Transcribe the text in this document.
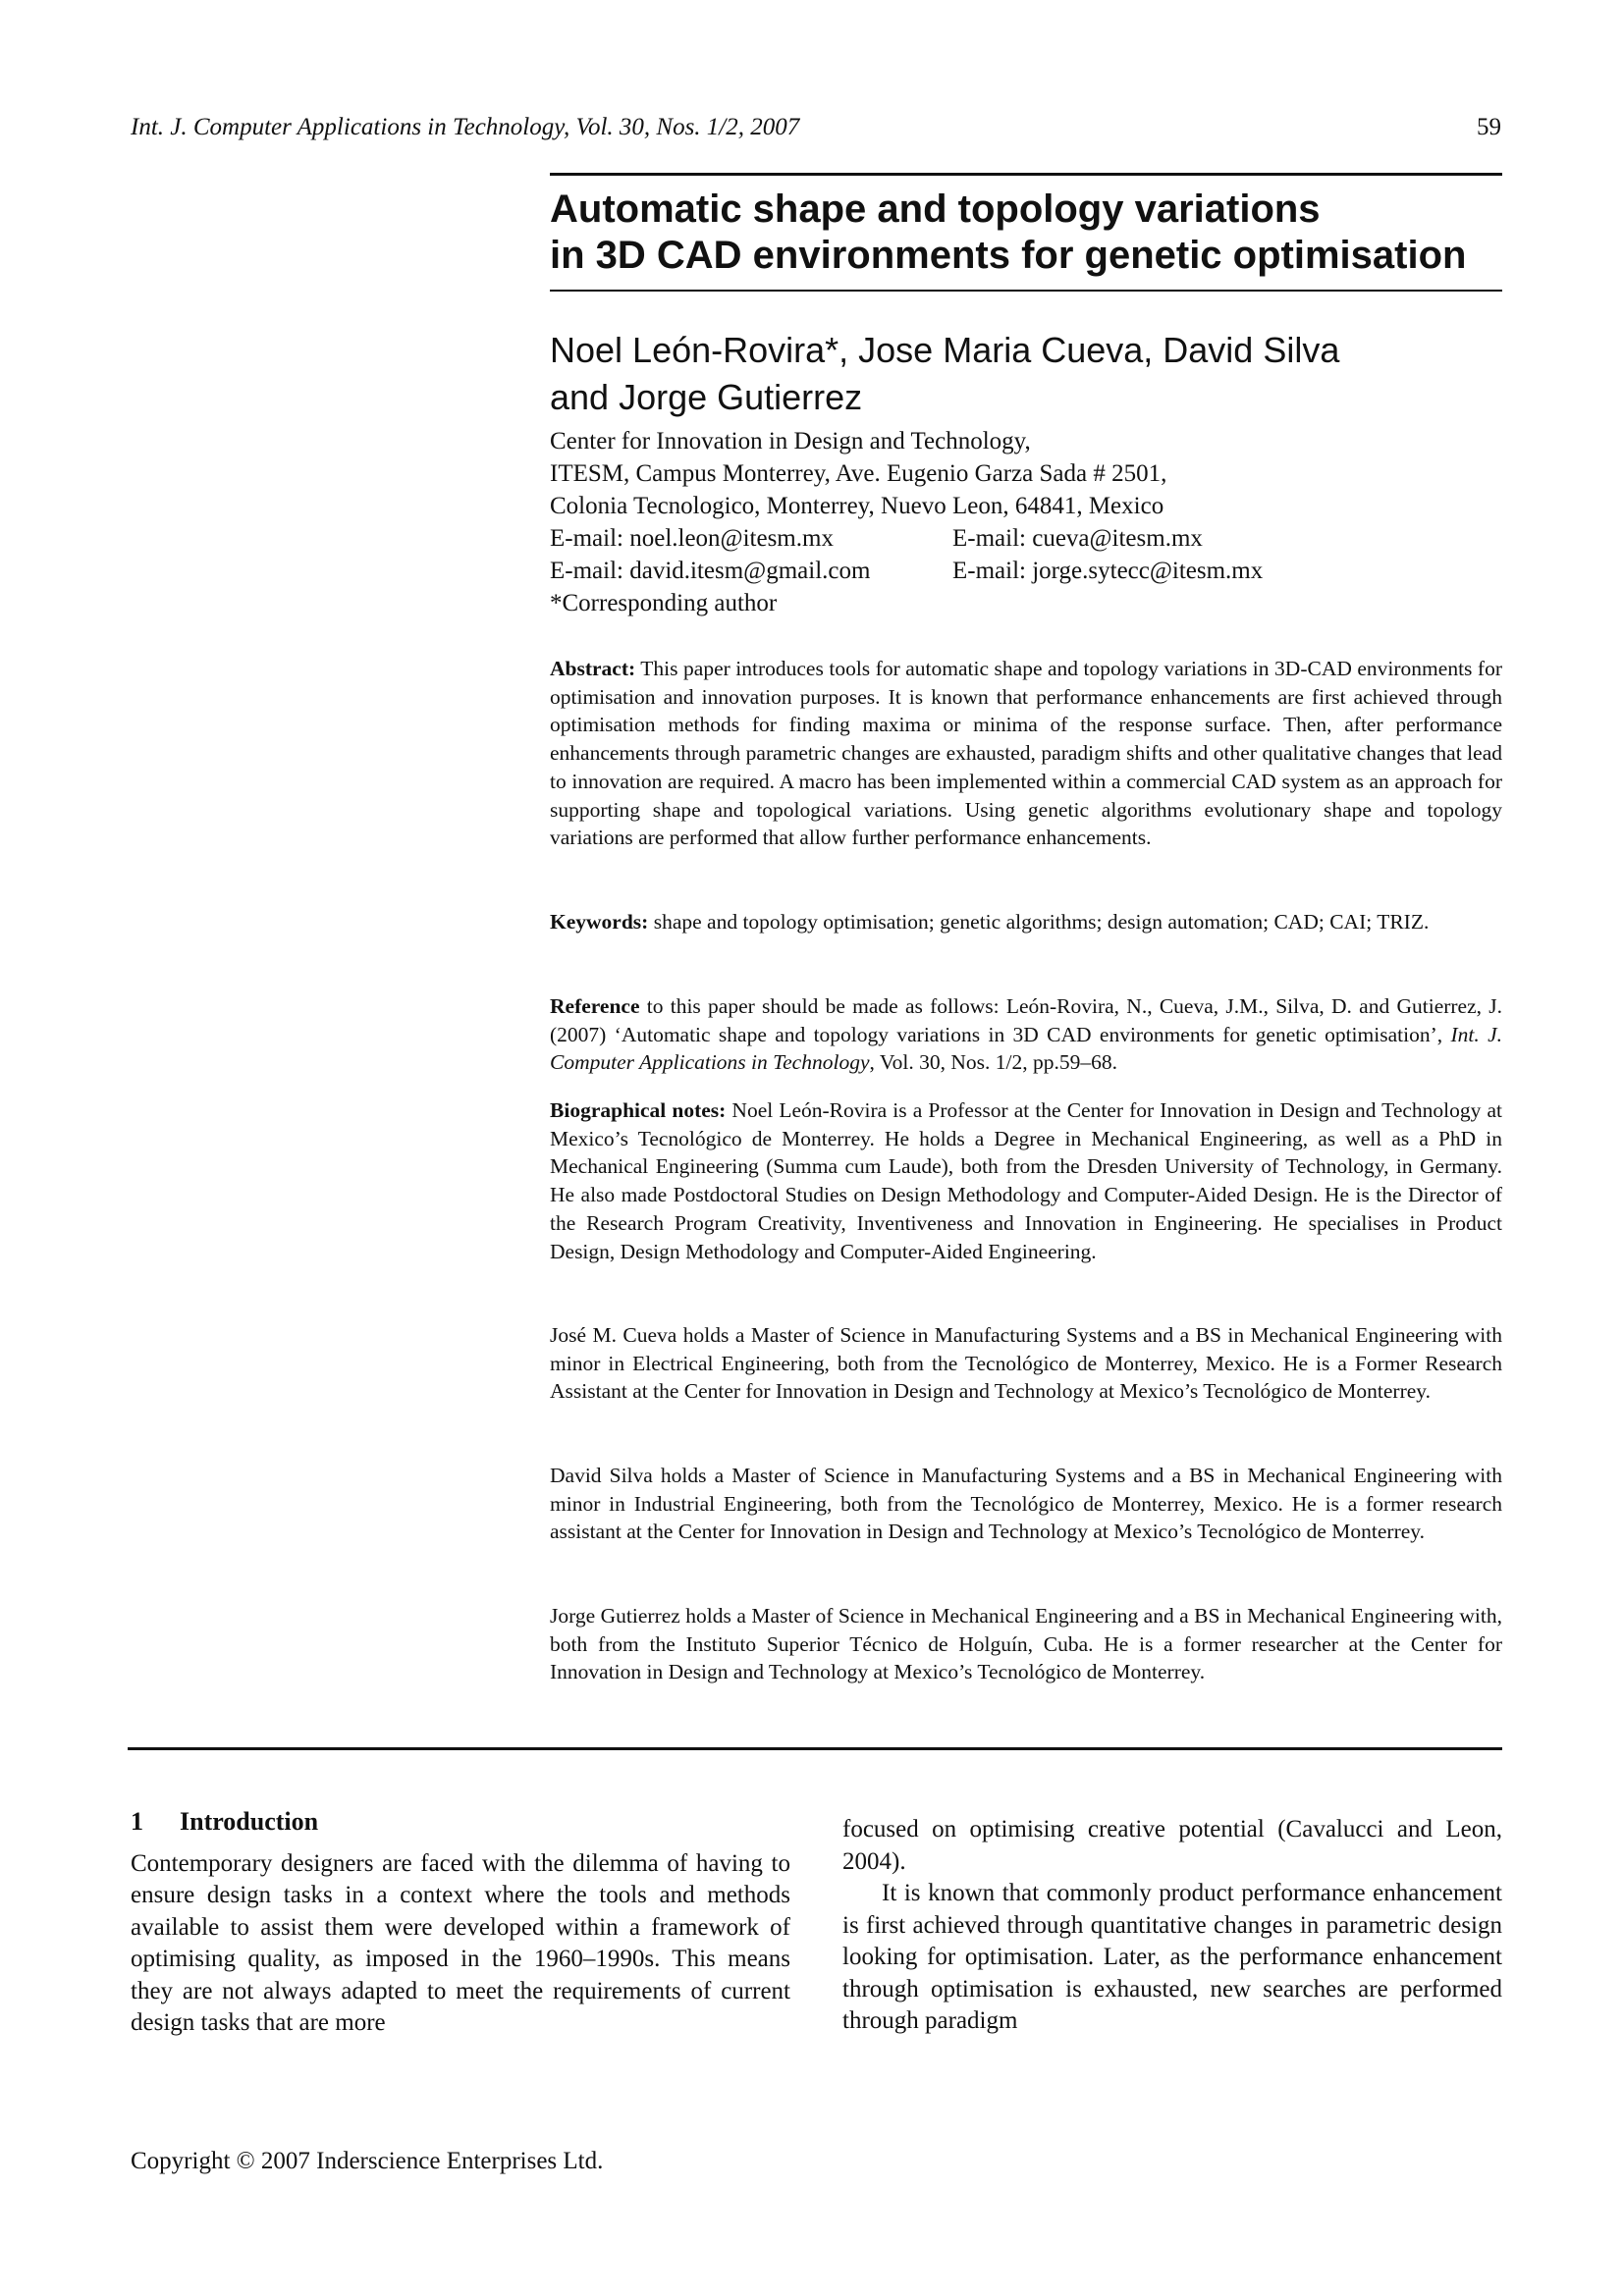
Int. J. Computer Applications in Technology, Vol. 30, Nos. 1/2, 2007	59
Automatic shape and topology variations
in 3D CAD environments for genetic optimisation
Noel León-Rovira*, Jose Maria Cueva, David Silva
and Jorge Gutierrez
Center for Innovation in Design and Technology,
ITESM, Campus Monterrey, Ave. Eugenio Garza Sada # 2501,
Colonia Tecnologico, Monterrey, Nuevo Leon, 64841, Mexico
E-mail: noel.leon@itesm.mx	E-mail: cueva@itesm.mx
E-mail: david.itesm@gmail.com	E-mail: jorge.sytecc@itesm.mx
*Corresponding author
Abstract: This paper introduces tools for automatic shape and topology variations in 3D-CAD environments for optimisation and innovation purposes. It is known that performance enhancements are first achieved through optimisation methods for finding maxima or minima of the response surface. Then, after performance enhancements through parametric changes are exhausted, paradigm shifts and other qualitative changes that lead to innovation are required. A macro has been implemented within a commercial CAD system as an approach for supporting shape and topological variations. Using genetic algorithms evolutionary shape and topology variations are performed that allow further performance enhancements.
Keywords: shape and topology optimisation; genetic algorithms; design automation; CAD; CAI; TRIZ.
Reference to this paper should be made as follows: León-Rovira, N., Cueva, J.M., Silva, D. and Gutierrez, J. (2007) ‘Automatic shape and topology variations in 3D CAD environments for genetic optimisation’, Int. J. Computer Applications in Technology, Vol. 30, Nos. 1/2, pp.59–68.
Biographical notes: Noel León-Rovira is a Professor at the Center for Innovation in Design and Technology at Mexico’s Tecnológico de Monterrey. He holds a Degree in Mechanical Engineering, as well as a PhD in Mechanical Engineering (Summa cum Laude), both from the Dresden University of Technology, in Germany. He also made Postdoctoral Studies on Design Methodology and Computer-Aided Design. He is the Director of the Research Program Creativity, Inventiveness and Innovation in Engineering. He specialises in Product Design, Design Methodology and Computer-Aided Engineering.
José M. Cueva holds a Master of Science in Manufacturing Systems and a BS in Mechanical Engineering with minor in Electrical Engineering, both from the Tecnológico de Monterrey, Mexico. He is a Former Research Assistant at the Center for Innovation in Design and Technology at Mexico’s Tecnológico de Monterrey.
David Silva holds a Master of Science in Manufacturing Systems and a BS in Mechanical Engineering with minor in Industrial Engineering, both from the Tecnológico de Monterrey, Mexico. He is a former research assistant at the Center for Innovation in Design and Technology at Mexico’s Tecnológico de Monterrey.
Jorge Gutierrez holds a Master of Science in Mechanical Engineering and a BS in Mechanical Engineering with, both from the Instituto Superior Técnico de Holguín, Cuba. He is a former researcher at the Center for Innovation in Design and Technology at Mexico’s Tecnológico de Monterrey.
1	Introduction

Contemporary designers are faced with the dilemma of having to ensure design tasks in a context where the tools and methods available to assist them were developed within a framework of optimising quality, as imposed in the 1960–1990s. This means they are not always adapted to meet the requirements of current design tasks that are more

focused on optimising creative potential (Cavalucci and Leon, 2004).

It is known that commonly product performance enhancement is first achieved through quantitative changes in parametric design looking for optimisation. Later, as the performance enhancement through optimisation is exhausted, new searches are performed through paradigm

Copyright © 2007 Inderscience Enterprises Ltd.
